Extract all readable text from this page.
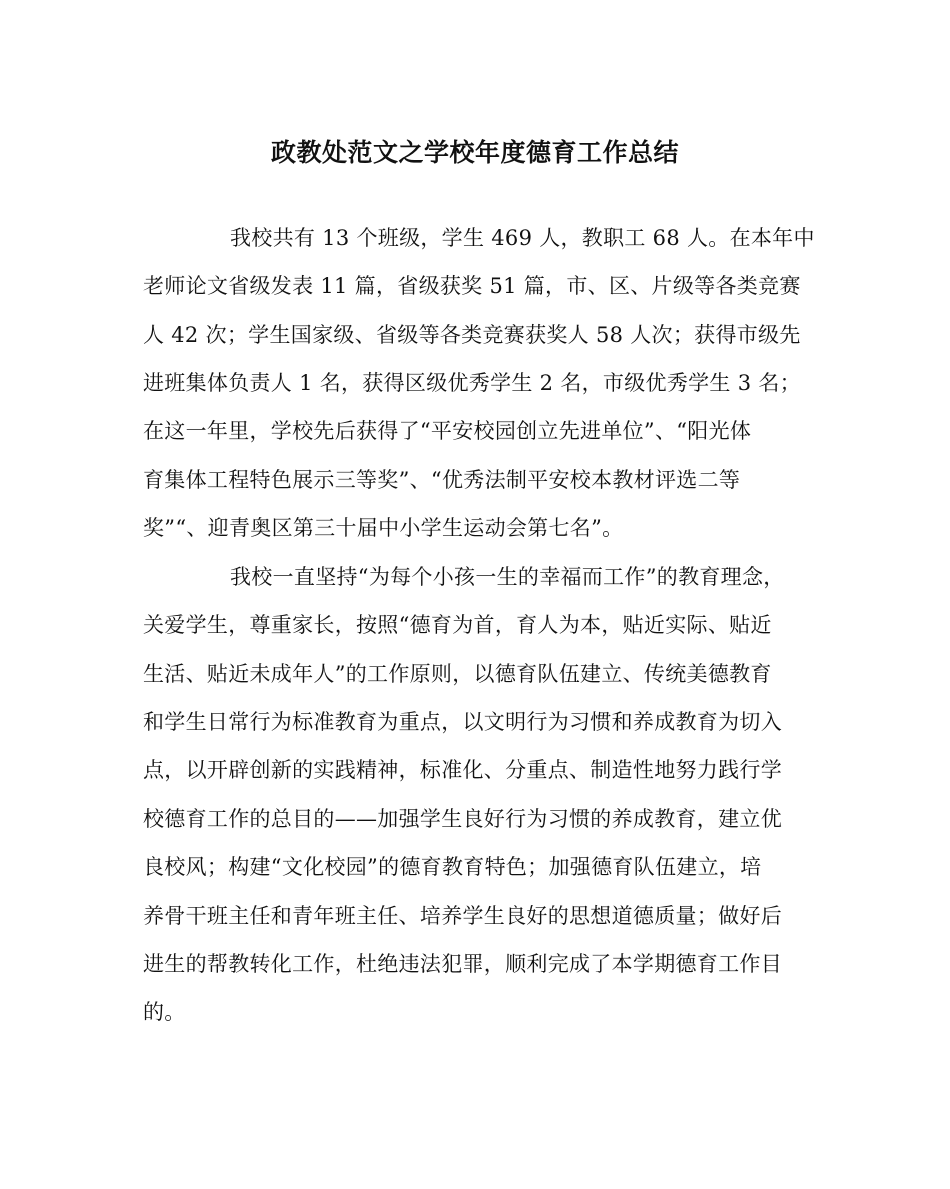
政教处范文之学校年度德育工作总结
我校共有 13 个班级，学生 469 人，教职工 68 人。在本年中
老师论文省级发表 11 篇，省级获奖 51 篇，市、区、片级等各类竞赛
人 42 次；学生国家级、省级等各类竞赛获奖人 58 人次；获得市级先
进班集体负责人 1 名，获得区级优秀学生 2 名，市级优秀学生 3 名；
在这一年里，学校先后获得了“平安校园创立先进单位”、“阳光体
育集体工程特色展示三等奖”、“优秀法制平安校本教材评选二等
奖”“、迎青奥区第三十届中小学生运动会第七名”。
我校一直坚持“为每个小孩一生的幸福而工作”的教育理念，
关爱学生，尊重家长，按照“德育为首，育人为本，贴近实际、贴近
生活、贴近未成年人”的工作原则，以德育队伍建立、传统美德教育
和学生日常行为标准教育为重点，以文明行为习惯和养成教育为切入
点，以开辟创新的实践精神，标准化、分重点、制造性地努力践行学
校德育工作的总目的——加强学生良好行为习惯的养成教育，建立优
良校风；构建“文化校园”的德育教育特色；加强德育队伍建立，培
养骨干班主任和青年班主任、培养学生良好的思想道德质量；做好后
进生的帮教转化工作，杜绝违法犯罪，顺利完成了本学期德育工作目
的。
